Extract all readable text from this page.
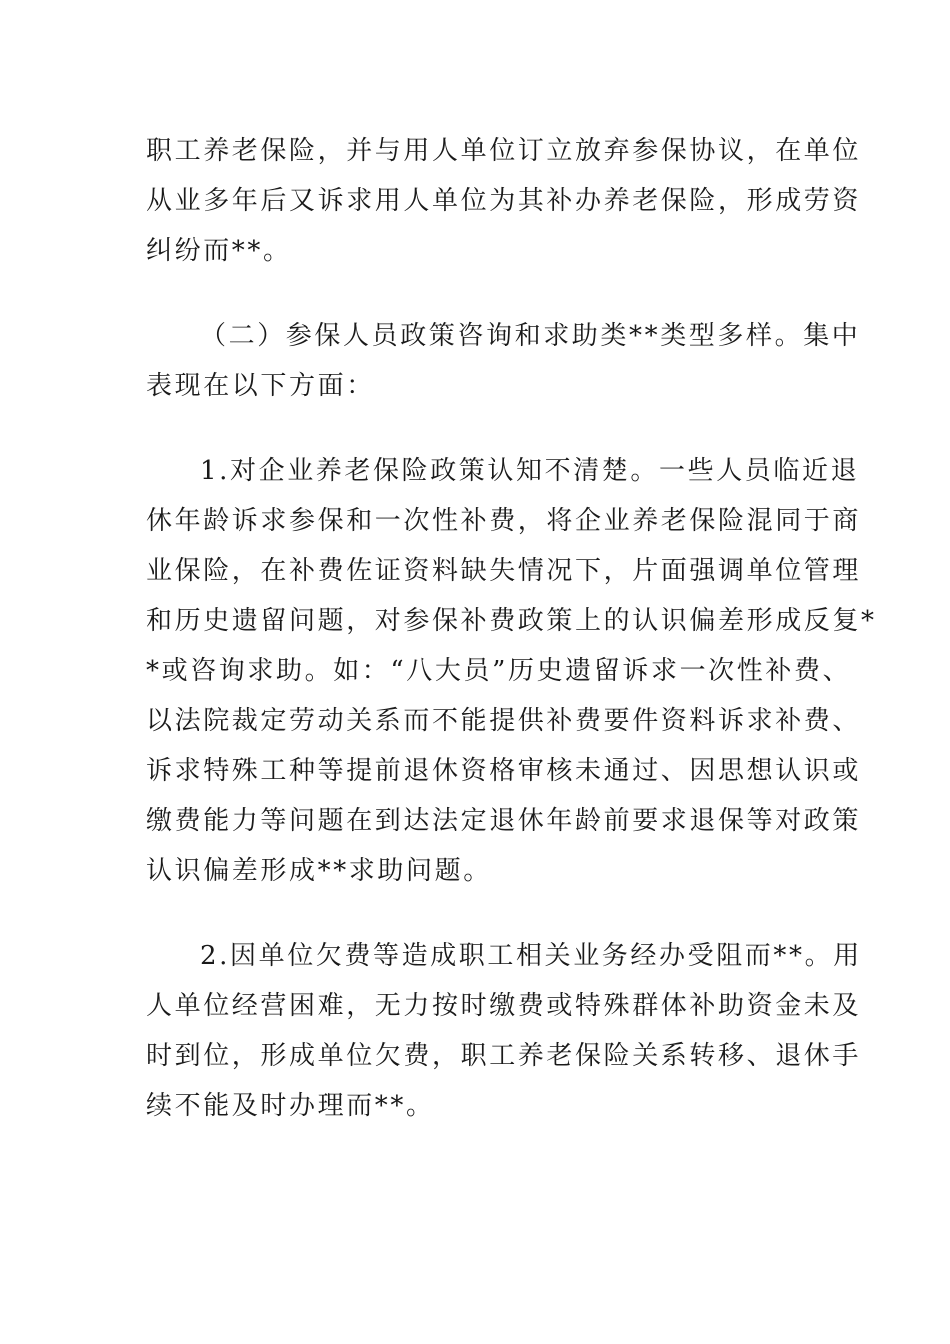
职工养老保险，并与用人单位订立放弃参保协议，在单位
从业多年后又诉求用人单位为其补办养老保险，形成劳资
纠纷而**。
（二）参保人员政策咨询和求助类**类型多样。集中
表现在以下方面：
1.对企业养老保险政策认知不清楚。一些人员临近退
休年龄诉求参保和一次性补费，将企业养老保险混同于商
业保险，在补费佐证资料缺失情况下，片面强调单位管理
和历史遗留问题，对参保补费政策上的认识偏差形成反复*
*或咨询求助。如：“八大员”历史遗留诉求一次性补费、
以法院裁定劳动关系而不能提供补费要件资料诉求补费、
诉求特殊工种等提前退休资格审核未通过、因思想认识或
缴费能力等问题在到达法定退休年龄前要求退保等对政策
认识偏差形成**求助问题。
2.因单位欠费等造成职工相关业务经办受阻而**。用
人单位经营困难，无力按时缴费或特殊群体补助资金未及
时到位，形成单位欠费，职工养老保险关系转移、退休手
续不能及时办理而**。
